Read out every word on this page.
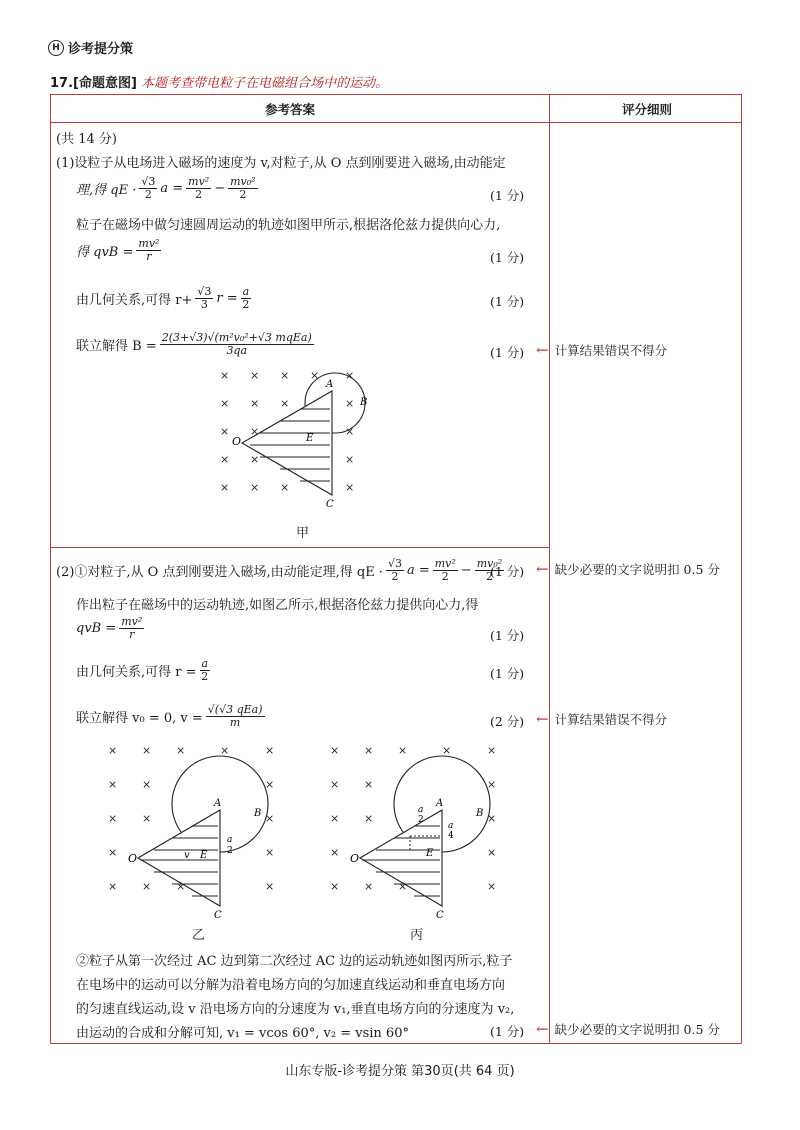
H 诊考提分策
17.[命题意图] 本题考查带电粒子在电磁组合场中的运动。
参考答案	评分细则
(共 14 分)
(1)设粒子从电场进入磁场的速度为 v,对粒子,从 O 点到刚要进入磁场,由动能定
理,得 qE · $\frac{√3}{2}$ $a = \frac{\text{mv²}}{2} - \frac{\text{mv₀²}}{2}$	(1 分)
粒子在磁场中做匀速圆周运动的轨迹如图甲所示,根据洛伦兹力提供向心力,
得 qvB = $\frac{\text{mv²}}{r}$	(1 分)
由几何关系,可得 $r+ \frac{√3}{3}$ $r = \frac{a}{2}$	(1 分)
联立解得 $B = \frac{\text{2(3+√3)√(m²v₀²+√3 mqEa)}}{3qa}$	(1 分) ← 计算结果错误不得分
× × × × ×
× × ×	×
× ×	×
× ×	×
× × ×	×
O
A
B
C
E
甲
(2)①对粒子,从 O 点到刚要进入磁场,由动能定理,得 qE · $\frac{√3}{2}$ $a = \frac{\text{mv²}}{2} - \frac{\text{mv₀²}}{2}$
(1 分) ← 缺少必要的文字说明扣 0.5 分
作出粒子在磁场中的运动轨迹,如图乙所示,根据洛伦兹力提供向心力,得
qvB = $\frac{\text{mv²}}{r}$	(1 分)
由几何关系,可得 $r = \frac{a}{2}$	(1 分)
联立解得 v₀ = 0, $v = \frac{\text{√(√3 qEa)}}{m}$	(2 分) ← 计算结果错误不得分
× × ×	×	×
× ×	×
× ×	×
×	×
× × ×	×
O
A
B
C
E
v
a
2
乙
× × ×	×	×
× ×	×
× ×	×
×	×
× × ×	×
O
A
B
C
E
a
2
a
4
丙
②粒子从第一次经过 AC 边到第二次经过 AC 边的运动轨迹如图丙所示,粒子
在电场中的运动可以分解为沿着电场方向的匀加速直线运动和垂直电场方向
的匀速直线运动,设 v 沿电场方向的分速度为 v₁,垂直电场方向的分速度为 v₂,
由运动的合成和分解可知, v₁ = vcos 60°, v₂ = vsin 60°	(1 分) ← 缺少必要的文字说明扣 0.5 分
山东专版-诊考提分策 第30页(共 64 页)
